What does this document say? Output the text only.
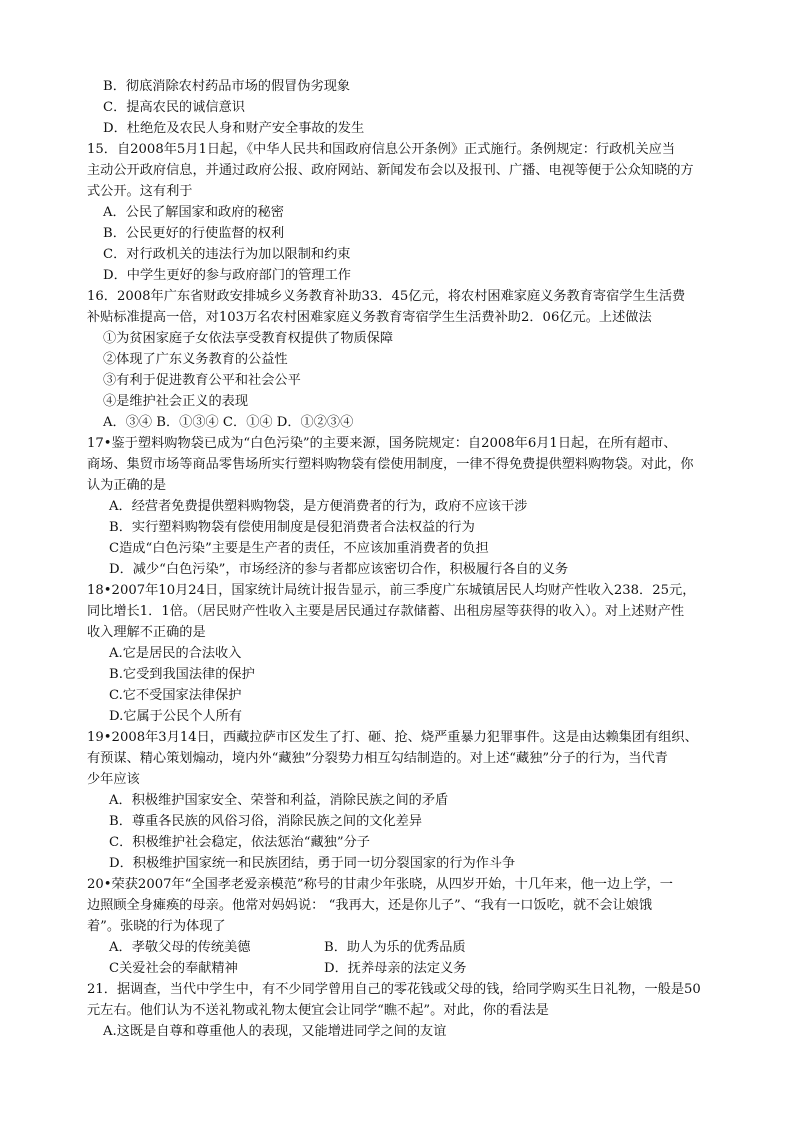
B．彻底消除农村药品市场的假冒伪劣现象
C．提高农民的诚信意识
D．杜绝危及农民人身和财产安全事故的发生
15．自2008年5月1日起，《中华人民共和国政府信息公开条例》正式施行。条例规定：行政机关应当
主动公开政府信息，并通过政府公报、政府网站、新闻发布会以及报刊、广播、电视等便于公众知晓的方
式公开。这有利于
A．公民了解国家和政府的秘密
B．公民更好的行使监督的权利
C．对行政机关的违法行为加以限制和约束
D．中学生更好的参与政府部门的管理工作
16．2008年广东省财政安排城乡义务教育补助33．45亿元，将农村困难家庭义务教育寄宿学生生活费
补贴标准提高一倍，对103万名农村困难家庭义务教育寄宿学生生活费补助2．06亿元。上述做法
①为贫困家庭子女依法享受教育权提供了物质保障
②体现了广东义务教育的公益性
③有利于促进教育公平和社会公平
④是维护社会正义的表现
A．③④ B．①③④ C．①④ D．①②③④
17•鉴于塑料购物袋已成为“白色污染”的主要来源，国务院规定：自2008年6月1日起，在所有超市、
商场、集贸市场等商品零售场所实行塑料购物袋有偿使用制度，一律不得免费提供塑料购物袋。对此，你
认为正确的是
A．经营者免费提供塑料购物袋，是方便消费者的行为，政府不应该干涉
B．实行塑料购物袋有偿使用制度是侵犯消费者合法权益的行为
C造成“白色污染”主要是生产者的责任，不应该加重消费者的负担
D．减少“白色污染”，市场经济的参与者都应该密切合作，积极履行各自的义务
18•2007年10月24日，国家统计局统计报告显示，前三季度广东城镇居民人均财产性收入238．25元，
同比增长1．1倍。（居民财产性收入主要是居民通过存款储蓄、出租房屋等获得的收入）。对上述财产性
收入理解不正确的是
A.它是居民的合法收入
B.它受到我国法律的保护
C.它不受国家法律保护
D.它属于公民个人所有
19•2008年3月14日，西藏拉萨市区发生了打、砸、抢、烧严重暴力犯罪事件。这是由达赖集团有组织、
有预谋、精心策划煽动，境内外“藏独”分裂势力相互勾结制造的。对上述“藏独”分子的行为，当代青
少年应该
A．积极维护国家安全、荣誉和利益，消除民族之间的矛盾
B．尊重各民族的风俗习俗，消除民族之间的文化差异
C．积极维护社会稳定，依法惩治“藏独”分子
D．积极维护国家统一和民族团结，勇于同一切分裂国家的行为作斗争
20•荣获2007年“全国孝老爱亲模范”称号的甘肃少年张晓，从四岁开始，十几年来，他一边上学，一
边照顾全身瘫痪的母亲。他常对妈妈说： “我再大，还是你儿子”、“我有一口饭吃，就不会让娘饿
着”。张晓的行为体现了
A．孝敬父母的传统美德	B．助人为乐的优秀品质
C关爱社会的奉献精神	D．抚养母亲的法定义务
21．据调查，当代中学生中，有不少同学曾用自己的零花钱或父母的钱，给同学购买生日礼物，一般是50
元左右。他们认为不送礼物或礼物太便宜会让同学“瞧不起”。对此，你的看法是
A.这既是自尊和尊重他人的表现，又能增进同学之间的友谊
